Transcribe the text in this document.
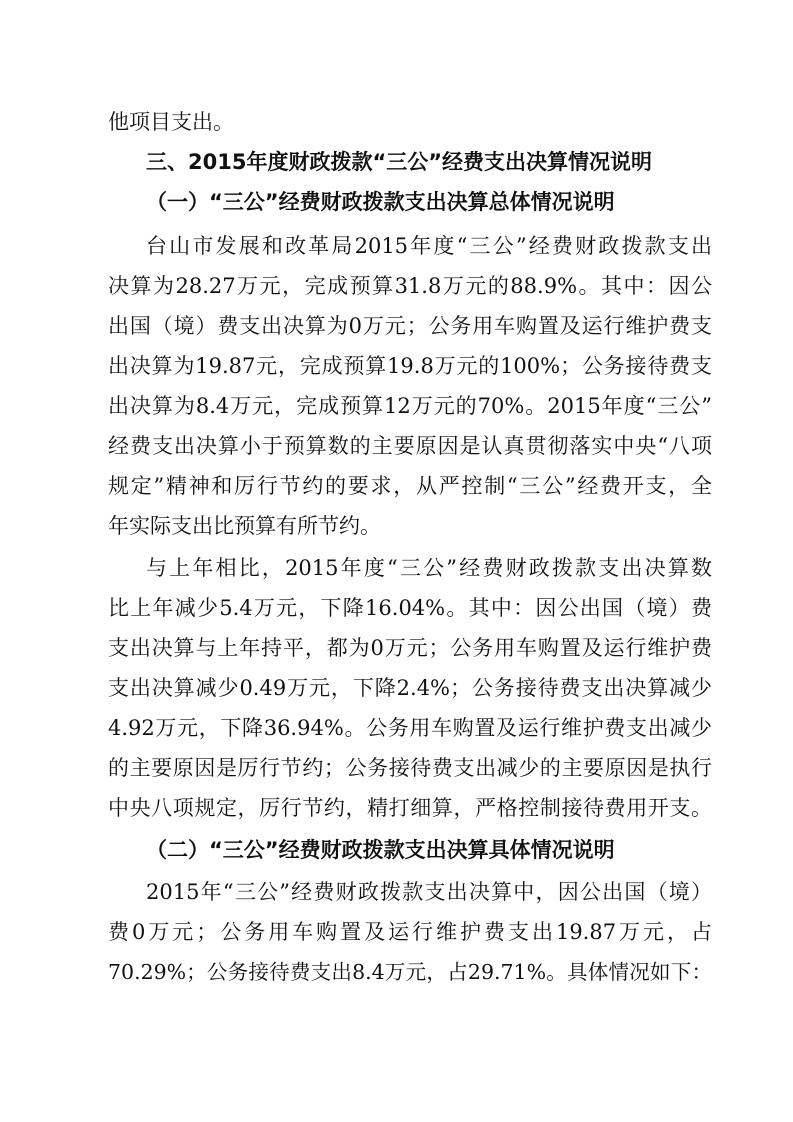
他项目支出。
三、2015年度财政拨款“三公”经费支出决算情况说明
（一）“三公”经费财政拨款支出决算总体情况说明
台山市发展和改革局2015年度“三公”经费财政拨款支出
决算为28.27万元，完成预算31.8万元的88.9%。其中：因公
出国（境）费支出决算为0万元；公务用车购置及运行维护费支
出决算为19.87元，完成预算19.8万元的100%；公务接待费支
出决算为8.4万元，完成预算12万元的70%。2015年度“三公”
经费支出决算小于预算数的主要原因是认真贯彻落实中央“八项
规定”精神和厉行节约的要求，从严控制“三公”经费开支，全
年实际支出比预算有所节约。
与上年相比，2015年度“三公”经费财政拨款支出决算数
比上年减少5.4万元，下降16.04%。其中：因公出国（境）费
支出决算与上年持平，都为0万元；公务用车购置及运行维护费
支出决算减少0.49万元，下降2.4%；公务接待费支出决算减少
4.92万元，下降36.94%。公务用车购置及运行维护费支出减少
的主要原因是厉行节约；公务接待费支出减少的主要原因是执行
中央八项规定，厉行节约，精打细算，严格控制接待费用开支。
（二）“三公”经费财政拨款支出决算具体情况说明
2015年“三公”经费财政拨款支出决算中，因公出国（境）
费0万元；公务用车购置及运行维护费支出19.87万元，占
70.29%；公务接待费支出8.4万元，占29.71%。具体情况如下：
